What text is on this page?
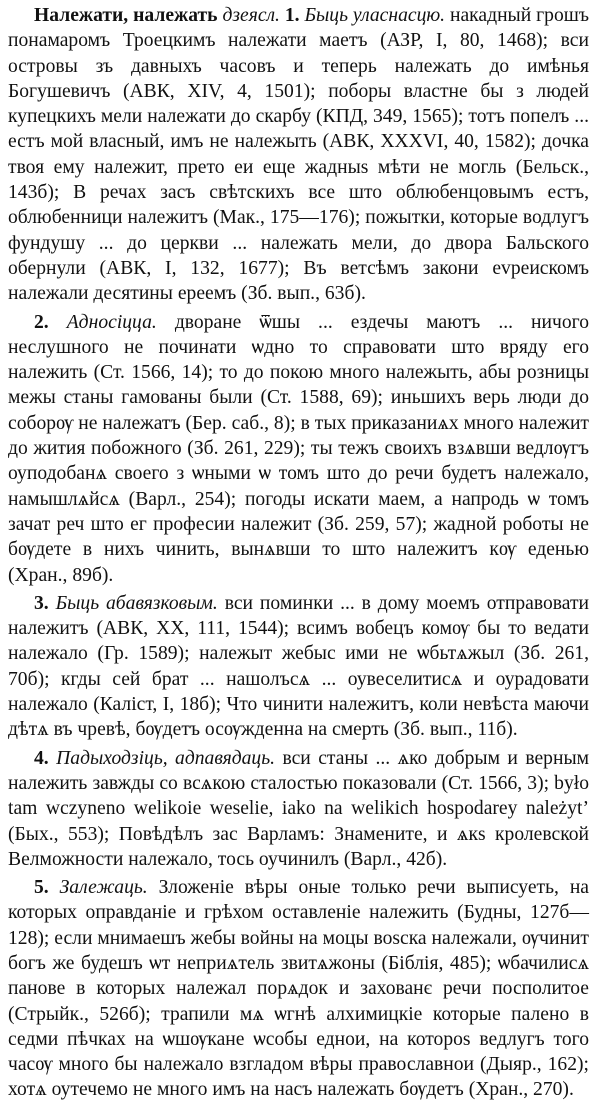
Належати, належать дзеясл. 1. Быць уласнасцю. накадный грошъ понамаромъ Троецкимъ належати маетъ (АЗР, I, 80, 1468); вси островы зъ давныхъ часовъ и теперь належать до имѣнья Богушевичъ (АВК, XIV, 4, 1501); поборы властне бы з людей купецкихъ мели належати до скарбу (КПД, 349, 1565); тотъ попелъ ... естъ мой власный, имъ не належыть (АВК, XXXVI, 40, 1582); дочка твоя ему належит, прето еи еще жадныѕ мѣти не могль (Бельск., 143б); В речах засъ свѣтскихъ все што облюбенцовымъ естъ, облюбенници належитъ (Мак., 175—176); пожытки, которые водлугъ фундушу ... до церкви ... належать мели, до двора Бальского обернули (АВК, I, 132, 1677); Въ ветсѣмъ закони еvреискомъ належали десятины ереемъ (Зб. вып., 63б).

2. Адносіцца. дворане ѿшы ... ездечы маютъ ... ничого неслушного не починати ѡдно то справовати што вряду его належить (Ст. 1566, 14); то до покою много належыть, абы розницы межы станы гамованы были (Ст. 1588, 69); иньшихъ верь люди до соборѹ не належатъ (Бер. саб., 8); в тых приказаниѧх много належит до жития побожного (Зб. 261, 229); ты тежъ своихъ взѧвши ведлѹгъ оуподобанѧ своего з ѡными ѡ томъ што до речи будетъ належало, намышлѧйсѧ (Варл., 254); погоды искати маем, а напродь ѡ томъ зачат реч што ег професии належит (Зб. 259, 57); жадной роботы не бѹдете в нихъ чинить, вынѧвши то што належитъ кѹ еденью (Хран., 89б).

3. Быць абавязковым. вси поминки ... в дому моемъ отправовати належитъ (АВК, XX, 111, 1544); всимъ вобецъ комѹ бы то ведати належало (Гр. 1589); належыт жебыс ими не ѡбьтѧжыл (Зб. 261, 70б); кгды сей брат ... нашолъсѧ ... оувеселитисѧ и оурадовати належало (Каліст, I, 18б); Что чинити належитъ, коли невѣста маючи дѣтѧ въ чревѣ, бѹдетъ осѹжденна на смерть (Зб. вып., 11б).

4. Падыходзіць, адпавядаць. вси станы ... ѧко добрым и верным належить завжды со всѧкою сталостью показовали (Ст. 1566, 3); było tam wczyneno welikoie weselie, iako na welikich hospodarey należyt’ (Бых., 553); Повѣдѣлъ зас Варламъ: Знамените, и ѧкѕ кролевской Велможности належало, тось оучинилъ (Варл., 42б).

5. Залежаць. Зложеніе вѣры оные только речи выписуеть, на которых оправданіе и грѣхом оставленіе належить (Будны, 127б—128); если мнимаешъ жебы войны на моцы воѕска належали, ѹчинит богъ же будешъ ѡт неприѧтель звитѧжоны (Біблія, 485); ѡбачилисѧ панове в которых належал порѧдок и захованє речи посполитое (Стрыйк., 526б); трапили мѧ ѡгнѣ алхимицкіе которые палено в седми пѣчках на ѡшѹкане ѡсобы еднои, на котороѕ ведлугъ того часѹ много бы належало взгладом вѣры православнои (Дыяр., 162); хотѧ оутечемо не многo имъ на насъ належать бѹдетъ (Хран., 270).
